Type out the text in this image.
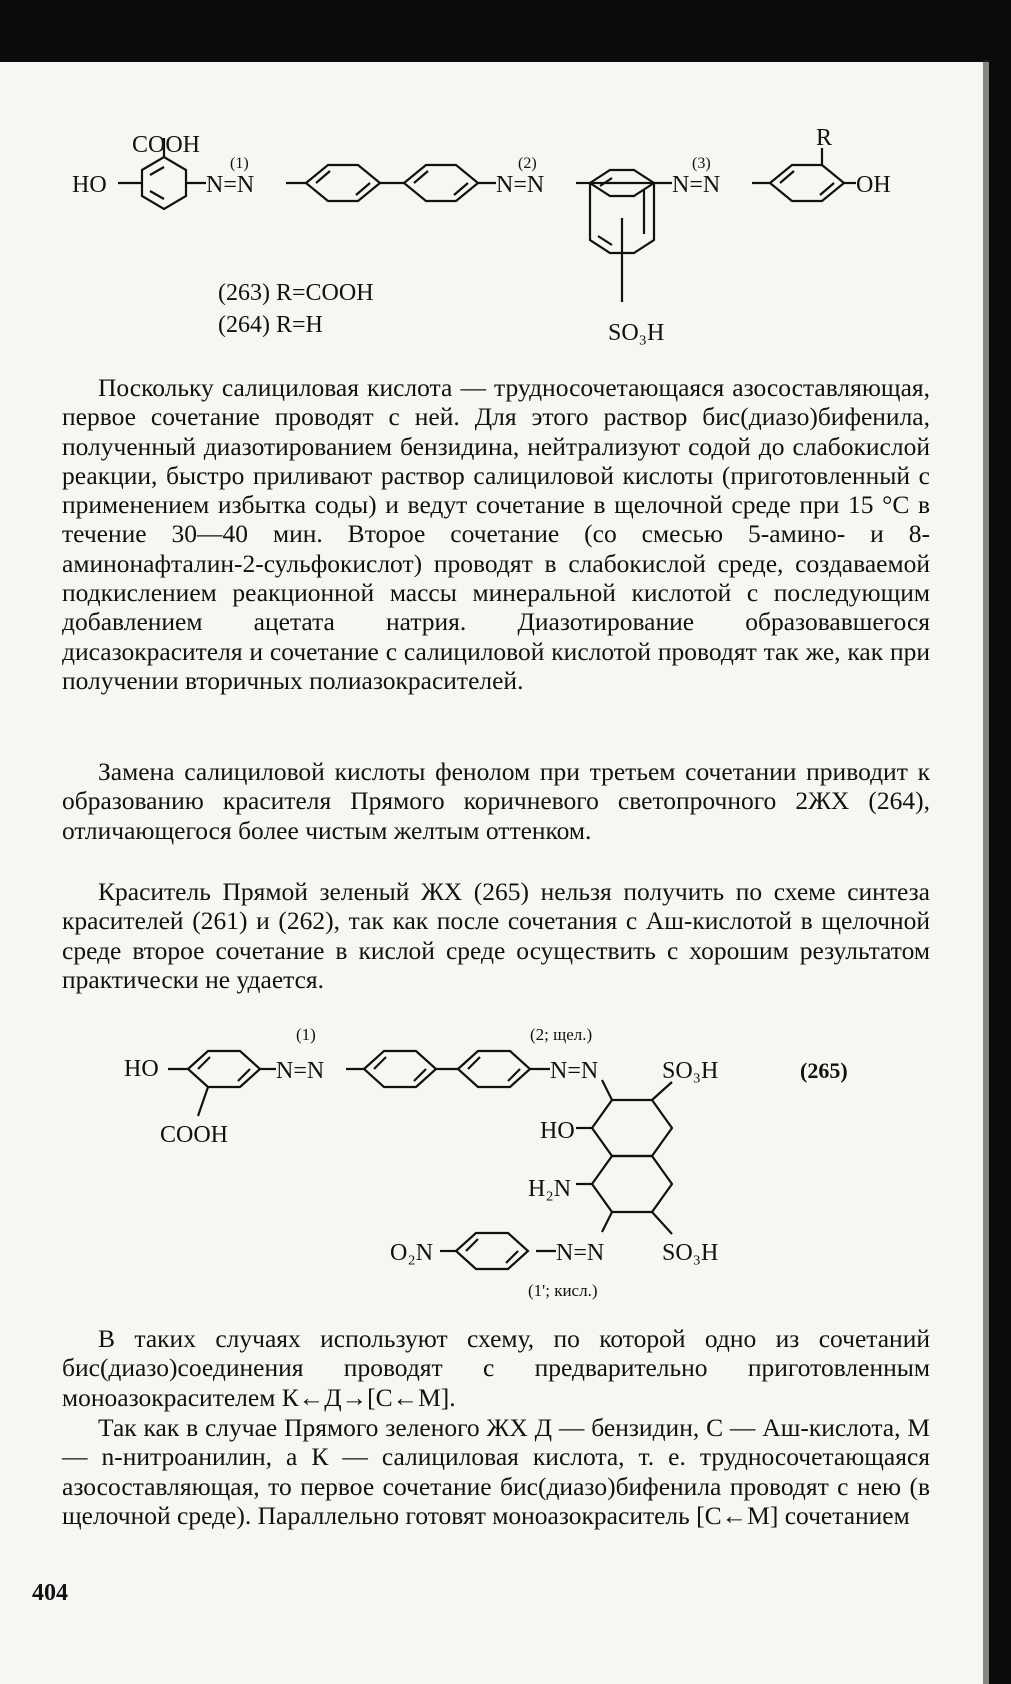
COOH
HO	N=N
(1)
N=N
(2)
SO₃H
N=N
(3)
R
OH
(263) R=COOH
(264) R=H

Поскольку салициловая кислота — трудносочетающаяся азосоставляющая, первое сочетание проводят с ней. Для этого раствор бис(диазо)бифенила, полученный диазотированием бензидина, нейтрализуют содой до слабокислой реакции, быстро приливают раствор салициловой кислоты (приготовленный с применением избытка соды) и ведут сочетание в щелочной среде при 15 °С в течение 30—40 мин. Второе сочетание (со смесью 5-амино- и 8-аминонафталин-2-сульфокислот) проводят в слабокислой среде, создаваемой подкислением реакционной массы минеральной кислотой с последующим добавлением ацетата натрия. Диазотирование образовавшегося дисазокрасителя и сочетание с салициловой кислотой проводят так же, как при получении вторичных полиазокрасителей.

Замена салициловой кислоты фенолом при третьем сочетании приводит к образованию красителя Прямого коричневого светопрочного 2ЖХ (264), отличающегося более чистым желтым оттенком.

Краситель Прямой зеленый ЖХ (265) нельзя получить по схеме синтеза красителей (261) и (262), так как после сочетания с Аш-кислотой в щелочной среде второе сочетание в кислой среде осуществить с хорошим результатом практически не удается.

HO
COOH
N=N
(1)
N=N
(2; щел.)
SO₃H	(265)
HO
H₂N
N=N SO₃H
(1'; кисл.)
O₂N

В таких случаях используют схему, по которой одно из сочетаний бис(диазо)соединения проводят с предварительно приготовленным моноазокрасителем К←Д→[С←М].

Так как в случае Прямого зеленого ЖХ Д — бензидин, С — Аш-кислота, М — n-нитроанилин, а К — салициловая кислота, т. е. трудносочетающаяся азосоставляющая, то первое сочетание бис(диазо)бифенила проводят с нею (в щелочной среде). Параллельно готовят моноазокраситель [С←М] сочетанием

404
